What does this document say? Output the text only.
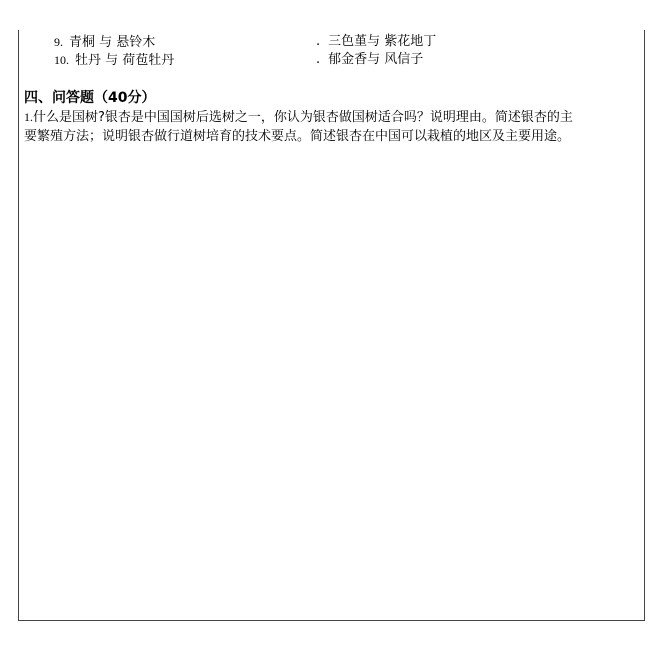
9. 青桐 与 悬铃木	. 三色堇与 紫花地丁
10. 牡丹 与 荷苞牡丹	. 郁金香与 风信子
四、问答题（40分）
1.什么是国树?银杏是中国国树后选树之一，你认为银杏做国树适合吗？说明理由。简述银杏的主
要繁殖方法；说明银杏做行道树培育的技术要点。简述银杏在中国可以栽植的地区及主要用途。
